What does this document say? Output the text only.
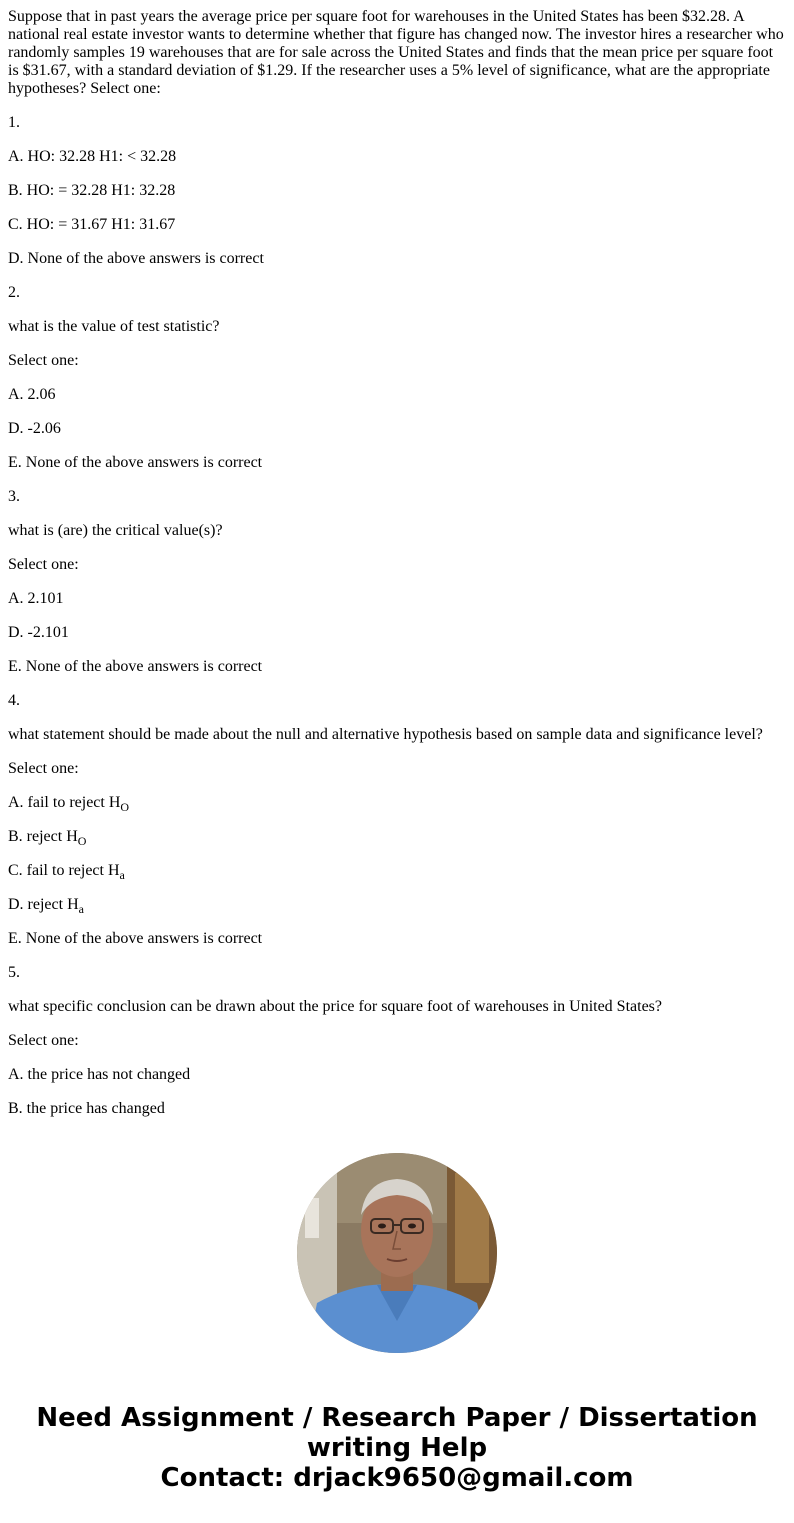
Suppose that in past years the average price per square foot for warehouses in the United States has been $32.28. A national real estate investor wants to determine whether that figure has changed now. The investor hires a researcher who randomly samples 19 warehouses that are for sale across the United States and finds that the mean price per square foot is $31.67, with a standard deviation of $1.29. If the researcher uses a 5% level of significance, what are the appropriate hypotheses? Select one:

1.

A. HO: 32.28 H1: < 32.28

B. HO: = 32.28 H1: 32.28

C. HO: = 31.67 H1: 31.67

D. None of the above answers is correct

2.

what is the value of test statistic?

Select one:

A. 2.06

D. -2.06

E. None of the above answers is correct

3.

what is (are) the critical value(s)?

Select one:

A. 2.101

D. -2.101

E. None of the above answers is correct

4.

what statement should be made about the null and alternative hypothesis based on sample data and significance level?

Select one:

A. fail to reject $H_O$

B. reject $H_O$

C. fail to reject $H_a$

D. reject $H_a$

E. None of the above answers is correct

5.

what specific conclusion can be drawn about the price for square foot of warehouses in United States?

Select one:

A. the price has not changed

B. the price has changed

Need Assignment / Research Paper / Dissertation
writing Help
Contact: drjack9650@gmail.com
